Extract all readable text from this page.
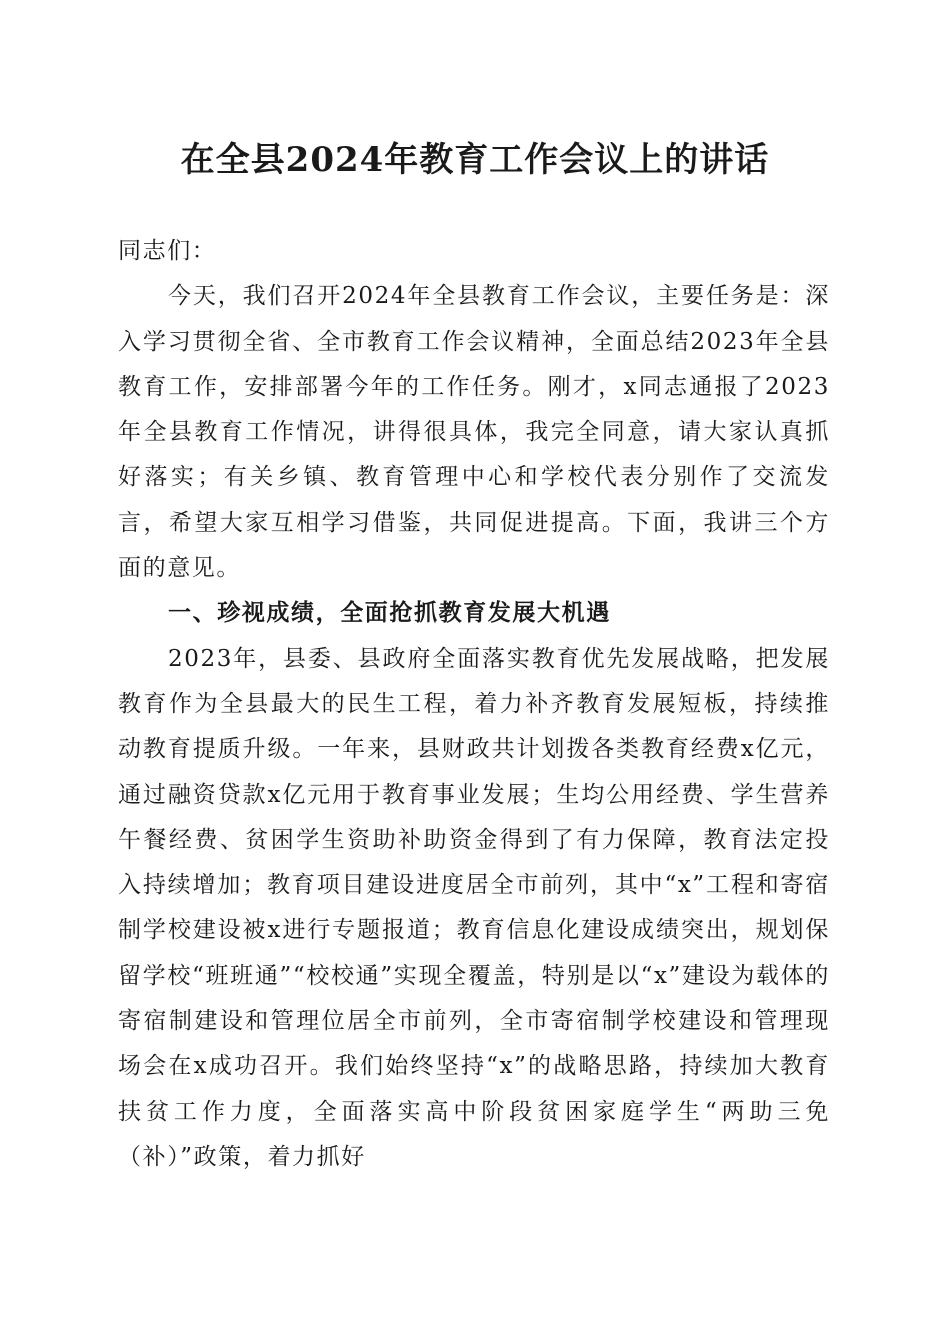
在全县2024年教育工作会议上的讲话

同志们：

今天，我们召开2024年全县教育工作会议，主要任务是：深入学习贯彻全省、全市教育工作会议精神，全面总结2023年全县教育工作，安排部署今年的工作任务。刚才，x同志通报了2023年全县教育工作情况，讲得很具体，我完全同意，请大家认真抓好落实；有关乡镇、教育管理中心和学校代表分别作了交流发言，希望大家互相学习借鉴，共同促进提高。下面，我讲三个方面的意见。

一、珍视成绩，全面抢抓教育发展大机遇

2023年，县委、县政府全面落实教育优先发展战略，把发展教育作为全县最大的民生工程，着力补齐教育发展短板，持续推动教育提质升级。一年来，县财政共计划拨各类教育经费x亿元，通过融资贷款x亿元用于教育事业发展；生均公用经费、学生营养午餐经费、贫困学生资助补助资金得到了有力保障，教育法定投入持续增加；教育项目建设进度居全市前列，其中“x”工程和寄宿制学校建设被x进行专题报道；教育信息化建设成绩突出，规划保留学校“班班通”“校校通”实现全覆盖，特别是以“x”建设为载体的寄宿制建设和管理位居全市前列，全市寄宿制学校建设和管理现场会在x成功召开。我们始终坚持“x”的战略思路，持续加大教育扶贫工作力度，全面落实高中阶段贫困家庭学生“两助三免（补）”政策，着力抓好
